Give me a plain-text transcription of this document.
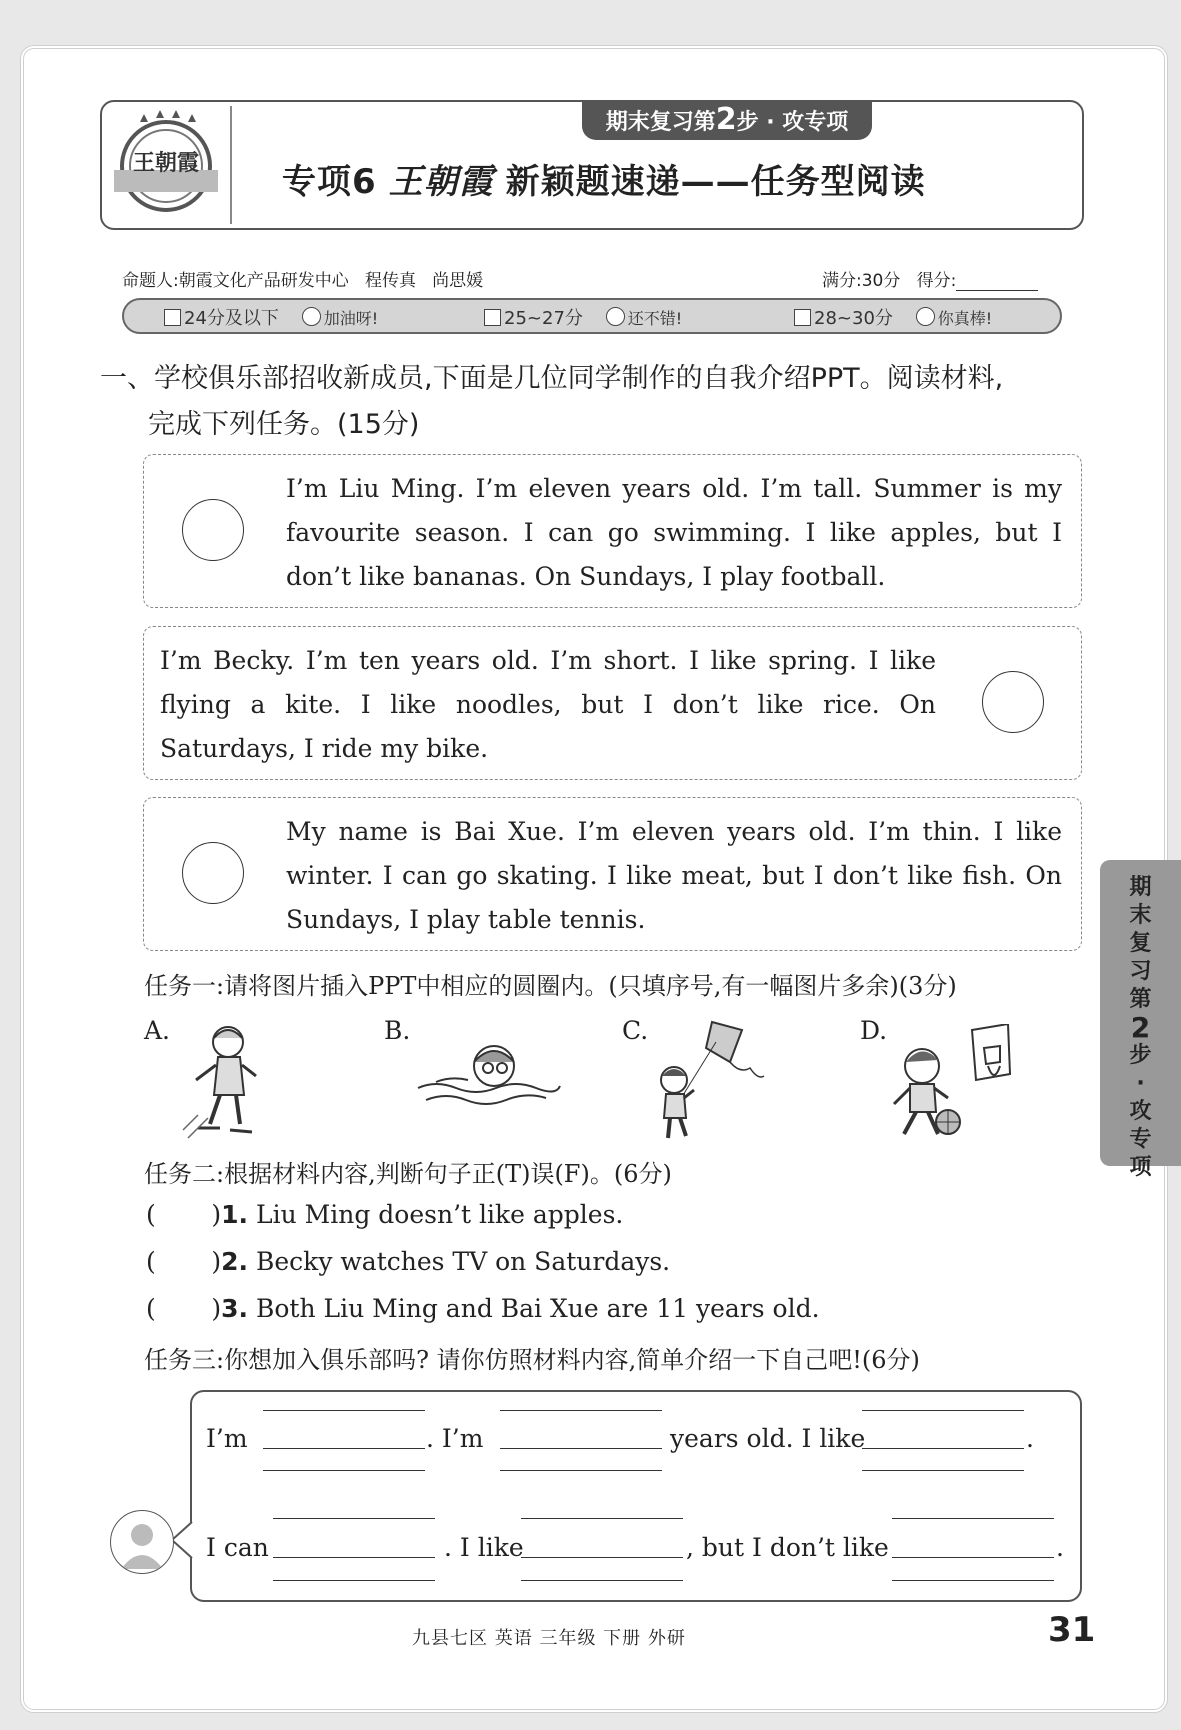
期末复习第2步 · 攻专项
王朝霞 专项6 王朝霞 新颖题速递——任务型阅读
命题人:朝霞文化产品研发中心 程传真 尚思媛	满分:30分 得分:
24分及以下	加油呀!	25~27分	还不错!	28~30分	你真棒!
一、学校俱乐部招收新成员,下面是几位同学制作的自我介绍PPT。阅读材料,
完成下列任务。(15分)

I’m Liu Ming. I’m eleven years old. I’m tall. Summer is my favourite season. I can go swimming. I like apples, but I don’t like bananas. On Sundays, I play football.

I’m Becky. I’m ten years old. I’m short. I like spring. I like flying a kite. I like noodles, but I don’t like rice. On Saturdays, I ride my bike.

My name is Bai Xue. I’m eleven years old. I’m thin. I like winter. I can go skating. I like meat, but I don’t like fish. On Sundays, I play table tennis.

任务一:请将图片插入PPT中相应的圆圈内。(只填序号,有一幅图片多余)(3分)
A.	B.	C.	D.
任务二:根据材料内容,判断句子正(T)误(F)。(6分)
(       )1. Liu Ming doesn’t like apples.
(       )2. Becky watches TV on Saturdays.
(       )3. Both Liu Ming and Bai Xue are 11 years old.
任务三:你想加入俱乐部吗? 请你仿照材料内容,简单介绍一下自己吧!(6分)
I’m	. I’m	years old. I like	.
I can	. I like	, but I don’t like	.
期
末
复
习
第
2
步
·
攻
专
项
九县七区 英语 三年级 下册 外研	31
